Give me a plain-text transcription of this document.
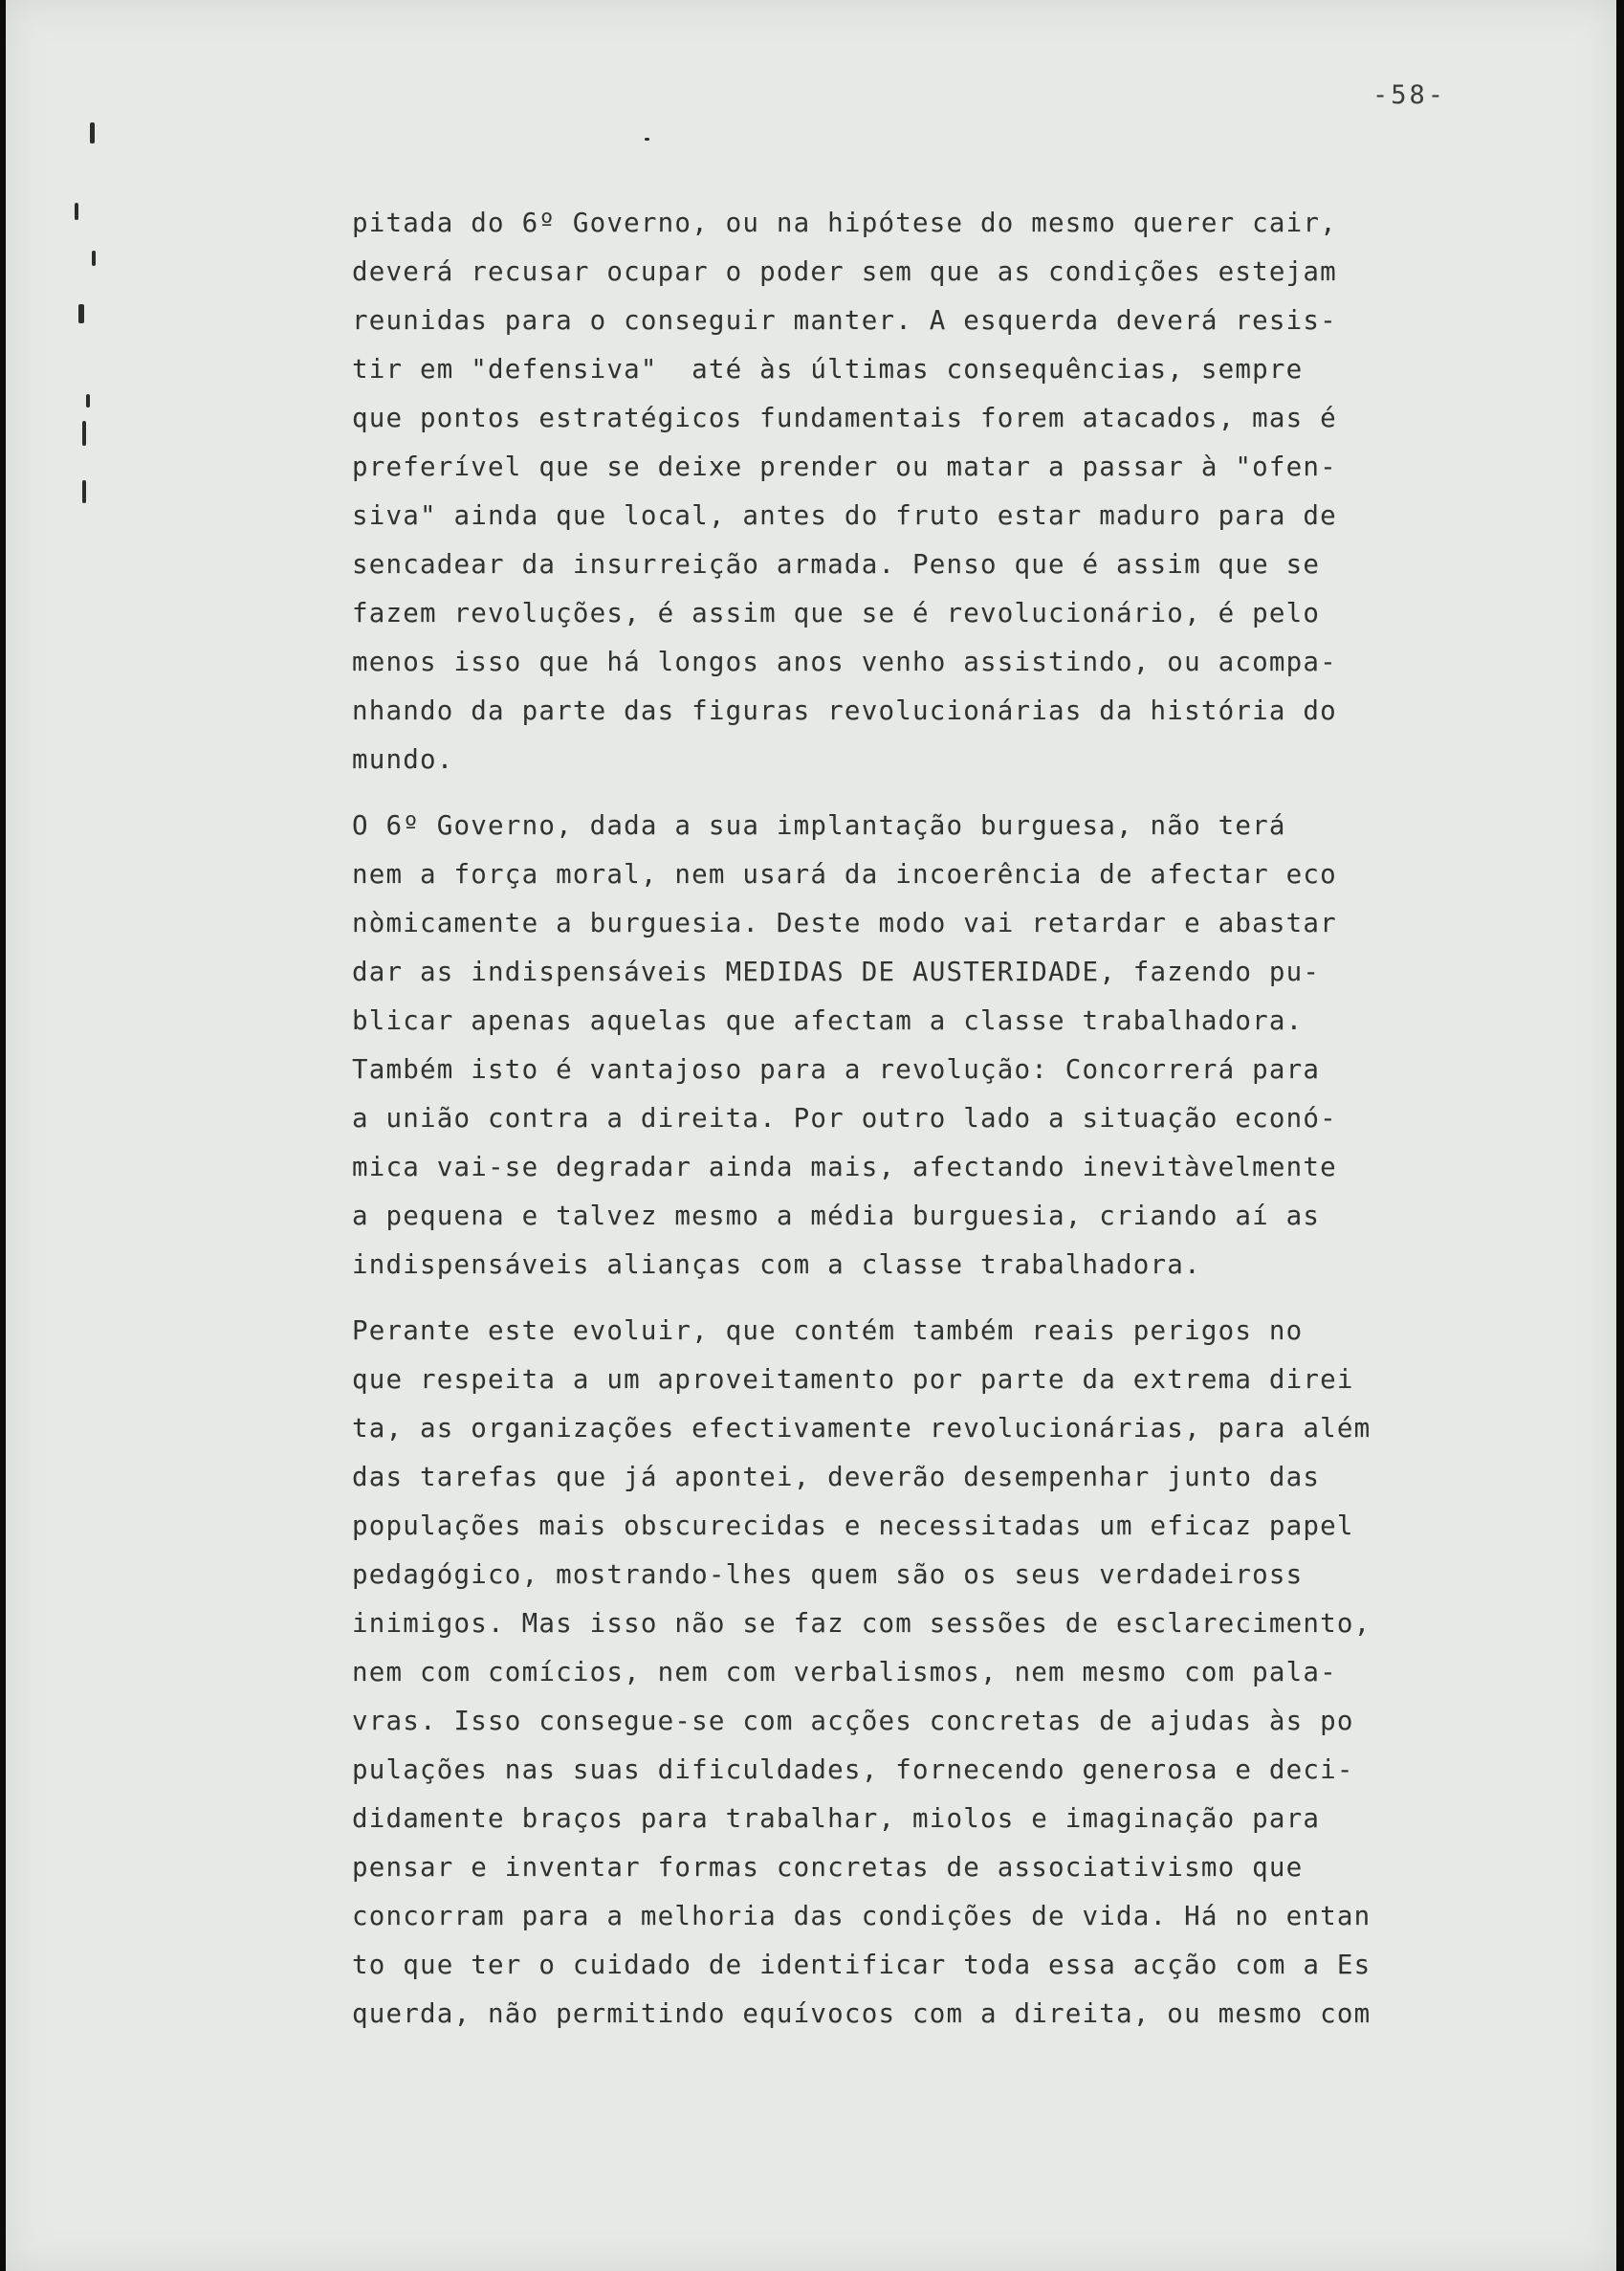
-58-
pitada do 6º Governo, ou na hipótese do mesmo querer cair,
deverá recusar ocupar o poder sem que as condições estejam
reunidas para o conseguir manter. A esquerda deverá resis-
tir em "defensiva"  até às últimas consequências, sempre
que pontos estratégicos fundamentais forem atacados, mas é
preferível que se deixe prender ou matar a passar à "ofen-
siva" ainda que local, antes do fruto estar maduro para de
sencadear da insurreição armada. Penso que é assim que se
fazem revoluções, é assim que se é revolucionário, é pelo
menos isso que há longos anos venho assistindo, ou acompa-
nhando da parte das figuras revolucionárias da história do
mundo.
O 6º Governo, dada a sua implantação burguesa, não terá
nem a força moral, nem usará da incoerência de afectar eco
nòmicamente a burguesia. Deste modo vai retardar e abastar
dar as indispensáveis MEDIDAS DE AUSTERIDADE, fazendo pu-
blicar apenas aquelas que afectam a classe trabalhadora.
Também isto é vantajoso para a revolução: Concorrerá para
a união contra a direita. Por outro lado a situação econó-
mica vai-se degradar ainda mais, afectando inevitàvelmente
a pequena e talvez mesmo a média burguesia, criando aí as
indispensáveis alianças com a classe trabalhadora.
Perante este evoluir, que contém também reais perigos no
que respeita a um aproveitamento por parte da extrema direi
ta, as organizações efectivamente revolucionárias, para além
das tarefas que já apontei, deverão desempenhar junto das
populações mais obscurecidas e necessitadas um eficaz papel
pedagógico, mostrando-lhes quem são os seus verdadeiross
inimigos. Mas isso não se faz com sessões de esclarecimento,
nem com comícios, nem com verbalismos, nem mesmo com pala-
vras. Isso consegue-se com acções concretas de ajudas às po
pulações nas suas dificuldades, fornecendo generosa e deci-
didamente braços para trabalhar, miolos e imaginação para
pensar e inventar formas concretas de associativismo que
concorram para a melhoria das condições de vida. Há no entan
to que ter o cuidado de identificar toda essa acção com a Es
querda, não permitindo equívocos com a direita, ou mesmo com
